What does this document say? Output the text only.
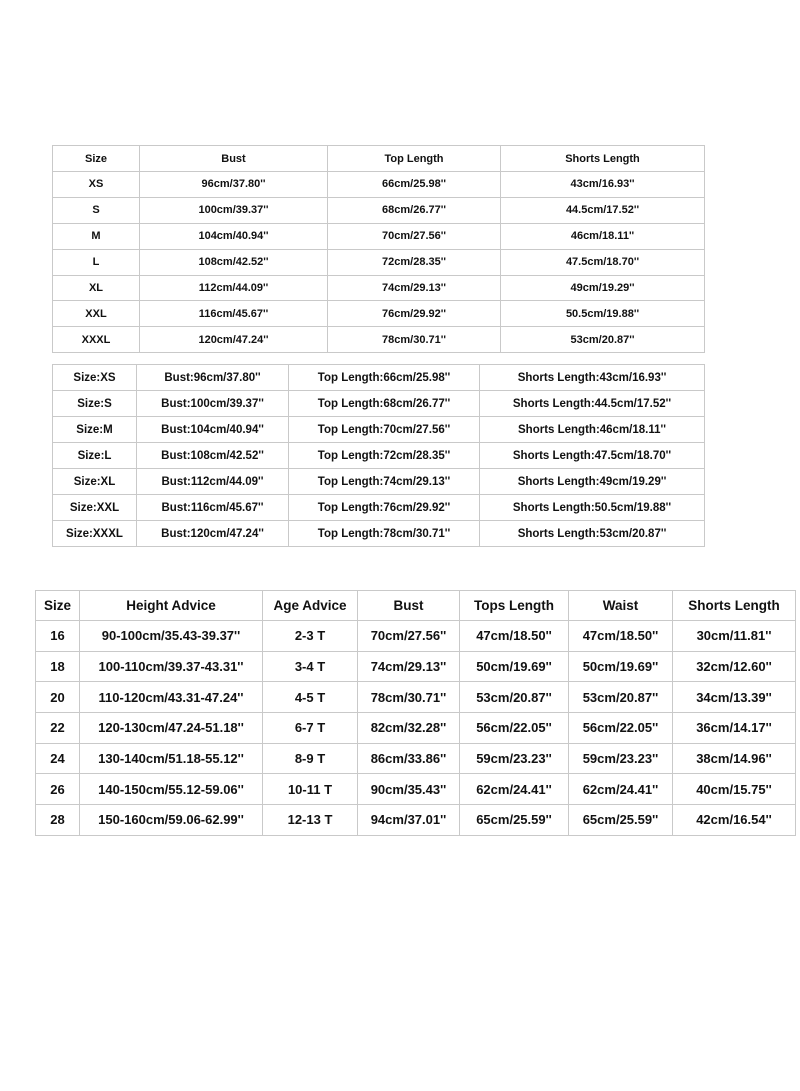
Size	Bust	Top Length	Shorts Length
XS	96cm/37.80''	66cm/25.98''	43cm/16.93''
S	100cm/39.37''	68cm/26.77''	44.5cm/17.52''
M	104cm/40.94''	70cm/27.56''	46cm/18.11''
L	108cm/42.52''	72cm/28.35''	47.5cm/18.70''
XL	112cm/44.09''	74cm/29.13''	49cm/19.29''
XXL	116cm/45.67''	76cm/29.92''	50.5cm/19.88''
XXXL	120cm/47.24''	78cm/30.71''	53cm/20.87''
Size:XS	Bust:96cm/37.80''	Top Length:66cm/25.98''	Shorts Length:43cm/16.93''
Size:S	Bust:100cm/39.37''	Top Length:68cm/26.77''	Shorts Length:44.5cm/17.52''
Size:M	Bust:104cm/40.94''	Top Length:70cm/27.56''	Shorts Length:46cm/18.11''
Size:L	Bust:108cm/42.52''	Top Length:72cm/28.35''	Shorts Length:47.5cm/18.70''
Size:XL	Bust:112cm/44.09''	Top Length:74cm/29.13''	Shorts Length:49cm/19.29''
Size:XXL	Bust:116cm/45.67''	Top Length:76cm/29.92''	Shorts Length:50.5cm/19.88''
Size:XXXL	Bust:120cm/47.24''	Top Length:78cm/30.71''	Shorts Length:53cm/20.87''
Size	Height Advice	Age Advice	Bust	Tops Length	Waist	Shorts Length
16	90-100cm/35.43-39.37''	2-3 T	70cm/27.56''	47cm/18.50''	47cm/18.50''	30cm/11.81''
18	100-110cm/39.37-43.31''	3-4 T	74cm/29.13''	50cm/19.69''	50cm/19.69''	32cm/12.60''
20	110-120cm/43.31-47.24''	4-5 T	78cm/30.71''	53cm/20.87''	53cm/20.87''	34cm/13.39''
22	120-130cm/47.24-51.18''	6-7 T	82cm/32.28''	56cm/22.05''	56cm/22.05''	36cm/14.17''
24	130-140cm/51.18-55.12''	8-9 T	86cm/33.86''	59cm/23.23''	59cm/23.23''	38cm/14.96''
26	140-150cm/55.12-59.06''	10-11 T	90cm/35.43''	62cm/24.41''	62cm/24.41''	40cm/15.75''
28	150-160cm/59.06-62.99''	12-13 T	94cm/37.01''	65cm/25.59''	65cm/25.59''	42cm/16.54''
